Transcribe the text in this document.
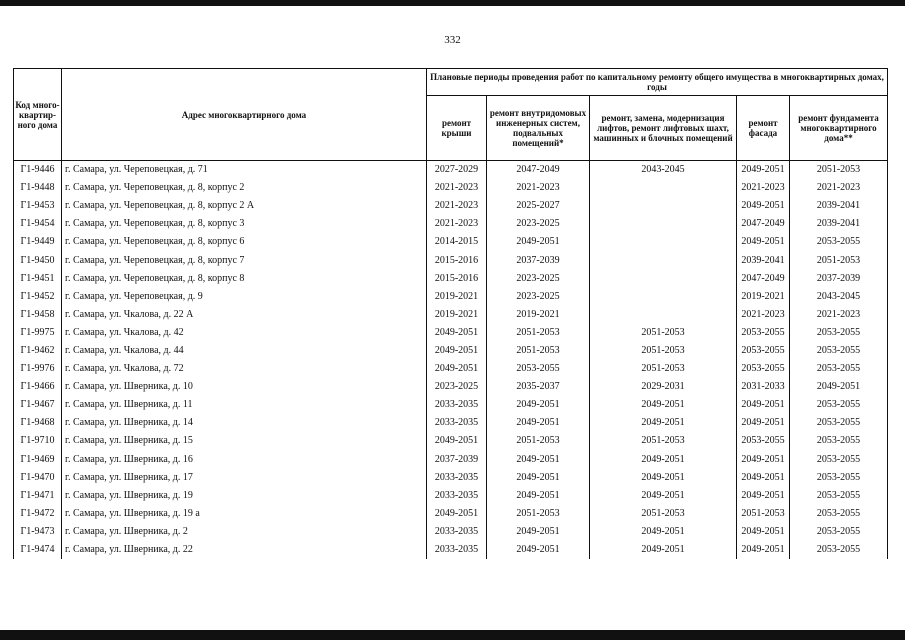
332
Код много-квартир-ного дома	Адрес многоквартирного дома	Плановые периоды проведения работ по капитальному ремонту общего имущества в многоквартирных домах, годы				
		ремонт крыши	ремонт внутридомовых инженерных систем, подвальных помещений*	ремонт, замена, модернизация лифтов, ремонт лифтовых шахт, машинных и блочных помещений	ремонт фасада	ремонт фундамента многоквартирного дома**
Г1-9446	г. Самара, ул. Череповецкая, д. 71	2027-2029	2047-2049	2043-2045	2049-2051	2051-2053
Г1-9448	г. Самара, ул. Череповецкая, д. 8, корпус 2	2021-2023	2021-2023		2021-2023	2021-2023
Г1-9453	г. Самара, ул. Череповецкая, д. 8, корпус 2 А	2021-2023	2025-2027		2049-2051	2039-2041
Г1-9454	г. Самара, ул. Череповецкая, д. 8, корпус 3	2021-2023	2023-2025		2047-2049	2039-2041
Г1-9449	г. Самара, ул. Череповецкая, д. 8, корпус 6	2014-2015	2049-2051		2049-2051	2053-2055
Г1-9450	г. Самара, ул. Череповецкая, д. 8, корпус 7	2015-2016	2037-2039		2039-2041	2051-2053
Г1-9451	г. Самара, ул. Череповецкая, д. 8, корпус 8	2015-2016	2023-2025		2047-2049	2037-2039
Г1-9452	г. Самара, ул. Череповецкая, д. 9	2019-2021	2023-2025		2019-2021	2043-2045
Г1-9458	г. Самара, ул. Чкалова, д. 22 А	2019-2021	2019-2021		2021-2023	2021-2023
Г1-9975	г. Самара, ул. Чкалова, д. 42	2049-2051	2051-2053	2051-2053	2053-2055	2053-2055
Г1-9462	г. Самара, ул. Чкалова, д. 44	2049-2051	2051-2053	2051-2053	2053-2055	2053-2055
Г1-9976	г. Самара, ул. Чкалова, д. 72	2049-2051	2053-2055	2051-2053	2053-2055	2053-2055
Г1-9466	г. Самара, ул. Шверника, д. 10	2023-2025	2035-2037	2029-2031	2031-2033	2049-2051
Г1-9467	г. Самара, ул. Шверника, д. 11	2033-2035	2049-2051	2049-2051	2049-2051	2053-2055
Г1-9468	г. Самара, ул. Шверника, д. 14	2033-2035	2049-2051	2049-2051	2049-2051	2053-2055
Г1-9710	г. Самара, ул. Шверника, д. 15	2049-2051	2051-2053	2051-2053	2053-2055	2053-2055
Г1-9469	г. Самара, ул. Шверника, д. 16	2037-2039	2049-2051	2049-2051	2049-2051	2053-2055
Г1-9470	г. Самара, ул. Шверника, д. 17	2033-2035	2049-2051	2049-2051	2049-2051	2053-2055
Г1-9471	г. Самара, ул. Шверника, д. 19	2033-2035	2049-2051	2049-2051	2049-2051	2053-2055
Г1-9472	г. Самара, ул. Шверника, д. 19 а	2049-2051	2051-2053	2051-2053	2051-2053	2053-2055
Г1-9473	г. Самара, ул. Шверника, д. 2	2033-2035	2049-2051	2049-2051	2049-2051	2053-2055
Г1-9474	г. Самара, ул. Шверника, д. 22	2033-2035	2049-2051	2049-2051	2049-2051	2053-2055
